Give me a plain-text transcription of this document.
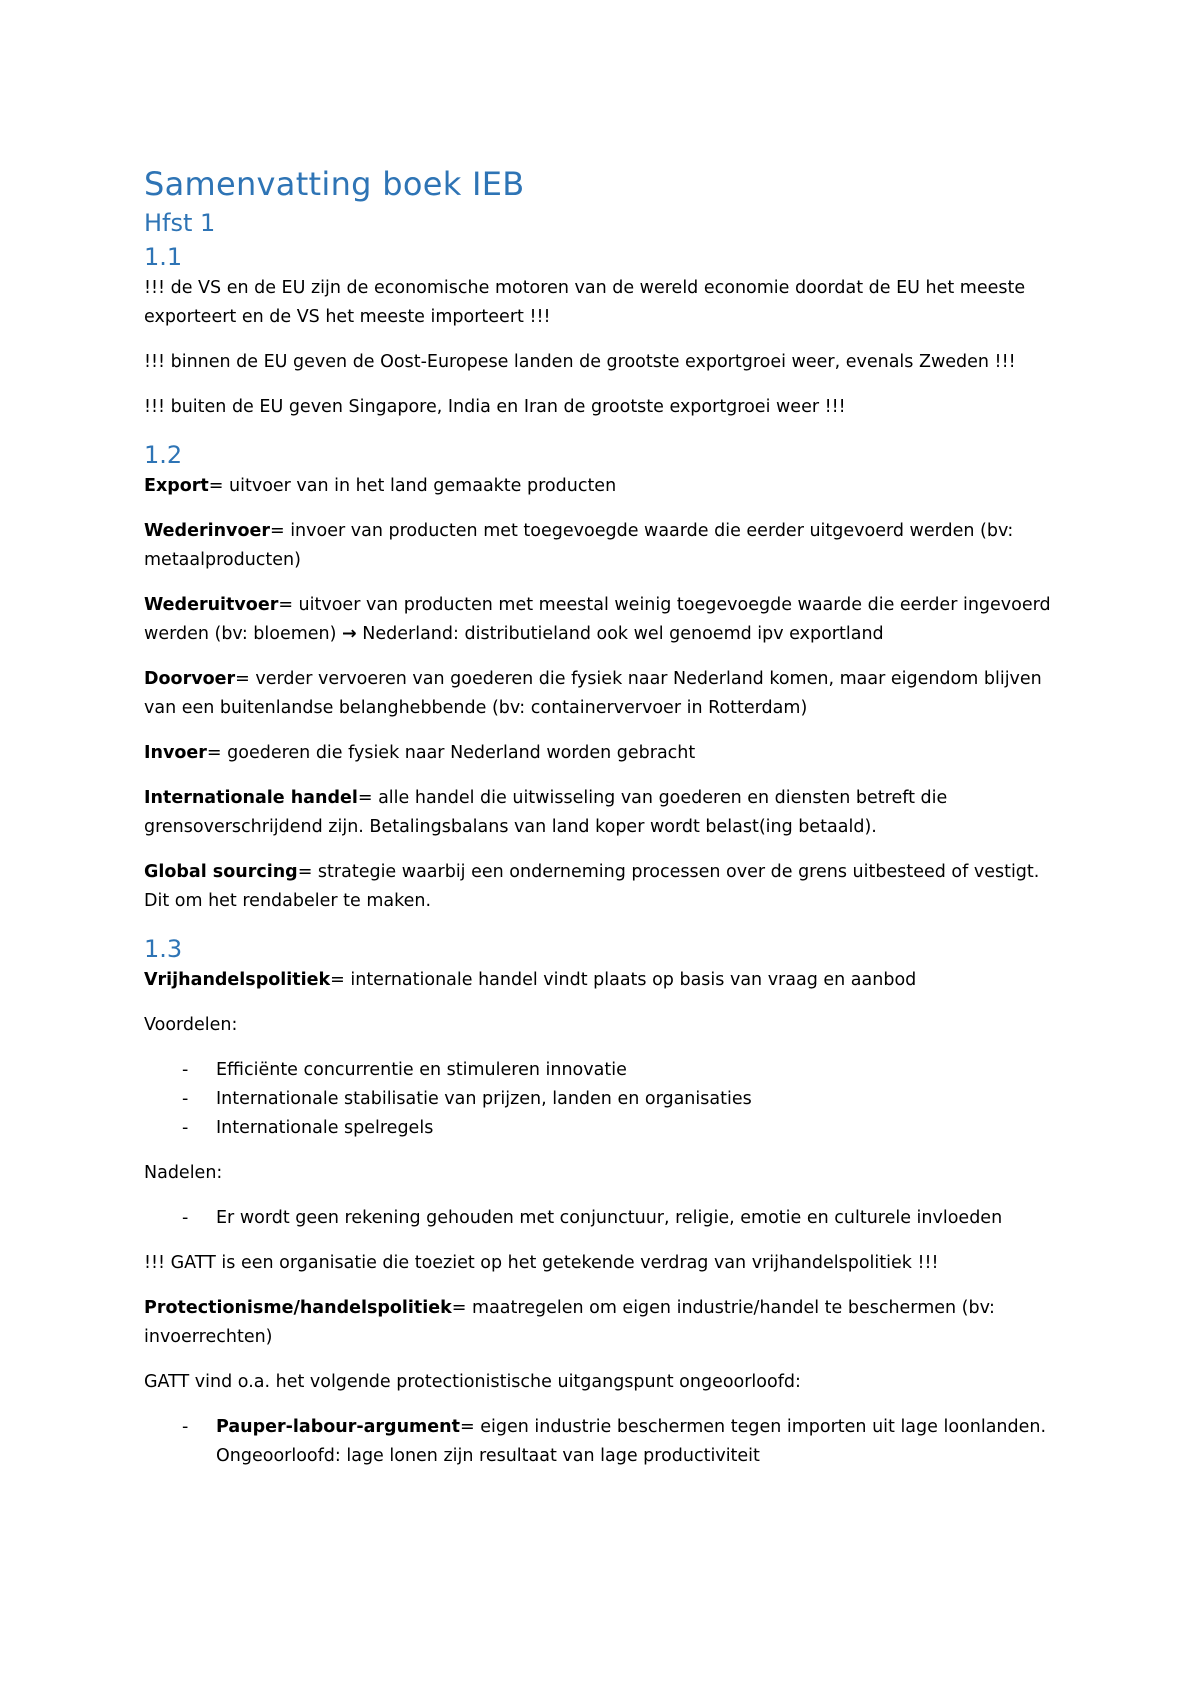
Samenvatting boek IEB
Hfst 1
1.1

!!! de VS en de EU zijn de economische motoren van de wereld economie doordat de EU het meeste exporteert en de VS het meeste importeert !!!

!!! binnen de EU geven de Oost-Europese landen de grootste exportgroei weer, evenals Zweden !!!

!!! buiten de EU geven Singapore, India en Iran de grootste exportgroei weer !!!

1.2

Export= uitvoer van in het land gemaakte producten

Wederinvoer= invoer van producten met toegevoegde waarde die eerder uitgevoerd werden (bv: metaalproducten)

Wederuitvoer= uitvoer van producten met meestal weinig toegevoegde waarde die eerder ingevoerd werden (bv: bloemen) → Nederland: distributieland ook wel genoemd ipv exportland

Doorvoer= verder vervoeren van goederen die fysiek naar Nederland komen, maar eigendom blijven van een buitenlandse belanghebbende (bv: containervervoer in Rotterdam)

Invoer= goederen die fysiek naar Nederland worden gebracht

Internationale handel= alle handel die uitwisseling van goederen en diensten betreft die grensoverschrijdend zijn. Betalingsbalans van land koper wordt belast(ing betaald).

Global sourcing= strategie waarbij een onderneming processen over de grens uitbesteed of vestigt. Dit om het rendabeler te maken.

1.3

Vrijhandelspolitiek= internationale handel vindt plaats op basis van vraag en aanbod

Voordelen:

- Efficiënte concurrentie en stimuleren innovatie
- Internationale stabilisatie van prijzen, landen en organisaties
- Internationale spelregels

Nadelen:

- Er wordt geen rekening gehouden met conjunctuur, religie, emotie en culturele invloeden

!!! GATT is een organisatie die toeziet op het getekende verdrag van vrijhandelspolitiek !!!

Protectionisme/handelspolitiek= maatregelen om eigen industrie/handel te beschermen (bv: invoerrechten)

GATT vind o.a. het volgende protectionistische uitgangspunt ongeoorloofd:

- Pauper-labour-argument= eigen industrie beschermen tegen importen uit lage loonlanden. Ongeoorloofd: lage lonen zijn resultaat van lage productiviteit
